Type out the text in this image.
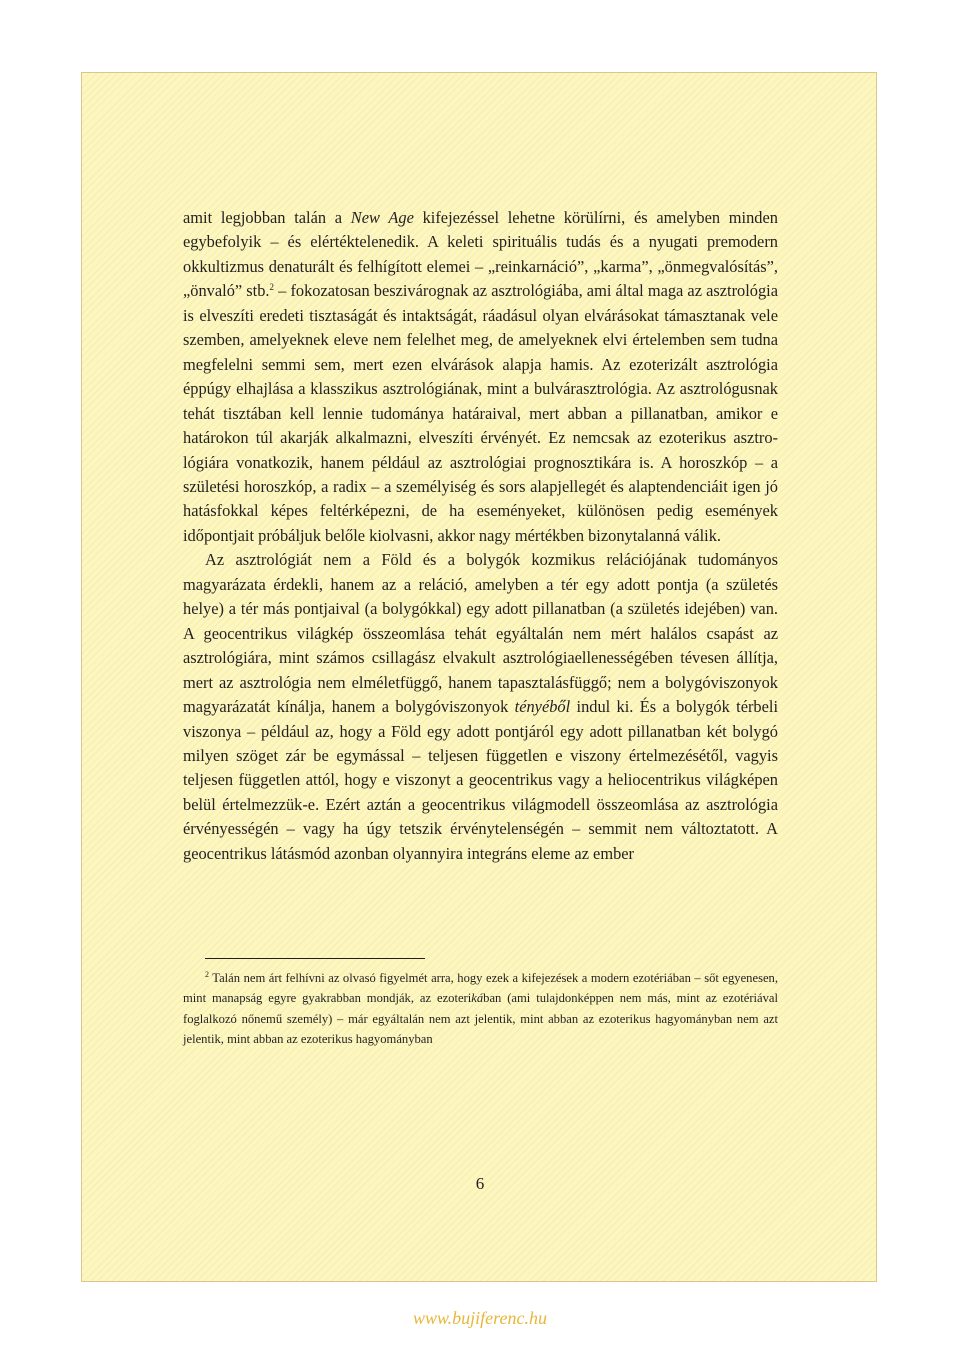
amit legjobban talán a New Age kifejezéssel lehetne körülírni, és amelyben minden egybefolyik – és elértéktelenedik. A keleti spirituális tudás és a nyugati premodern okkultizmus denaturált és felhígított elemei – „reinkarnáció”, „karma”, „önmegvalósítás”, „önvaló” stb.$^2$ – fokozatosan beszivárognak az asztrológiába, ami által maga az asztrológia is elveszíti eredeti tisztaságát és intaktságát, ráadásul olyan elvárásokat támasztanak vele szemben, amelyeknek eleve nem felelhet meg, de amelyeknek elvi értelemben sem tudna megfelelni semmi sem, mert ezen elvárások alapja hamis. Az ezoterizált asztrológia éppúgy elhajlása a klasszikus asztrológiának, mint a bulvárasztrológia. Az asztrológusnak tehát tisztában kell lennie tudománya határaival, mert abban a pillanatban, amikor e határokon túl akarják alkalmazni, elveszíti érvényét. Ez nemcsak az ezoterikus asztrológiára vonatkozik, hanem például az asztrológiai prognosztikára is. A horoszkóp – a születési horoszkóp, a radix – a személyiség és sors alapjellegét és alaptendenciáit igen jó hatásfokkal képes feltérképezni, de ha eseményeket, különösen pedig események időpontjait próbáljuk belőle kiolvasni, akkor nagy mértékben bizonytalanná válik.

Az asztrológiát nem a Föld és a bolygók kozmikus relációjának tudományos magyarázata érdekli, hanem az a reláció, amelyben a tér egy adott pontja (a születés helye) a tér más pontjaival (a bolygókkal) egy adott pillanatban (a születés idejében) van. A geocentrikus világkép összeomlása tehát egyáltalán nem mért halálos csapást az asztrológiára, mint számos csillagász elvakult asztrológiaellenességében tévesen állítja, mert az asztrológia nem elméletfüggő, hanem tapasztalásfüggő; nem a bolygóviszonyok magyarázatát kínálja, hanem a bolygóviszonyok tényéből indul ki. És a bolygók térbeli viszonya – például az, hogy a Föld egy adott pontjáról egy adott pillanatban két bolygó milyen szöget zár be egymással – teljesen független e viszony értelmezésétől, vagyis teljesen független attól, hogy e viszonyt a geocentrikus vagy a heliocentrikus világképen belül értelmezzük-e. Ezért aztán a geocentrikus világmodell összeomlása az asztrológia érvényességén – vagy ha úgy tetszik érvénytelenségén – semmit nem változtatott. A geocentrikus látásmód azonban olyannyira integráns eleme az ember

$^2$ Talán nem árt felhívni az olvasó figyelmét arra, hogy ezek a kifejezések a modern ezotériában – sőt egyenesen, mint manapság egyre gyakrabban mondják, az ezoterikában (ami tulajdonképpen nem más, mint az ezotériával foglalkozó nőnemű személy) – már egyáltalán nem azt jelentik, mint abban az ezoterikus hagyományban nem azt jelentik, mint abban az ezoterikus hagyományban

6
www.bujiferenc.hu
